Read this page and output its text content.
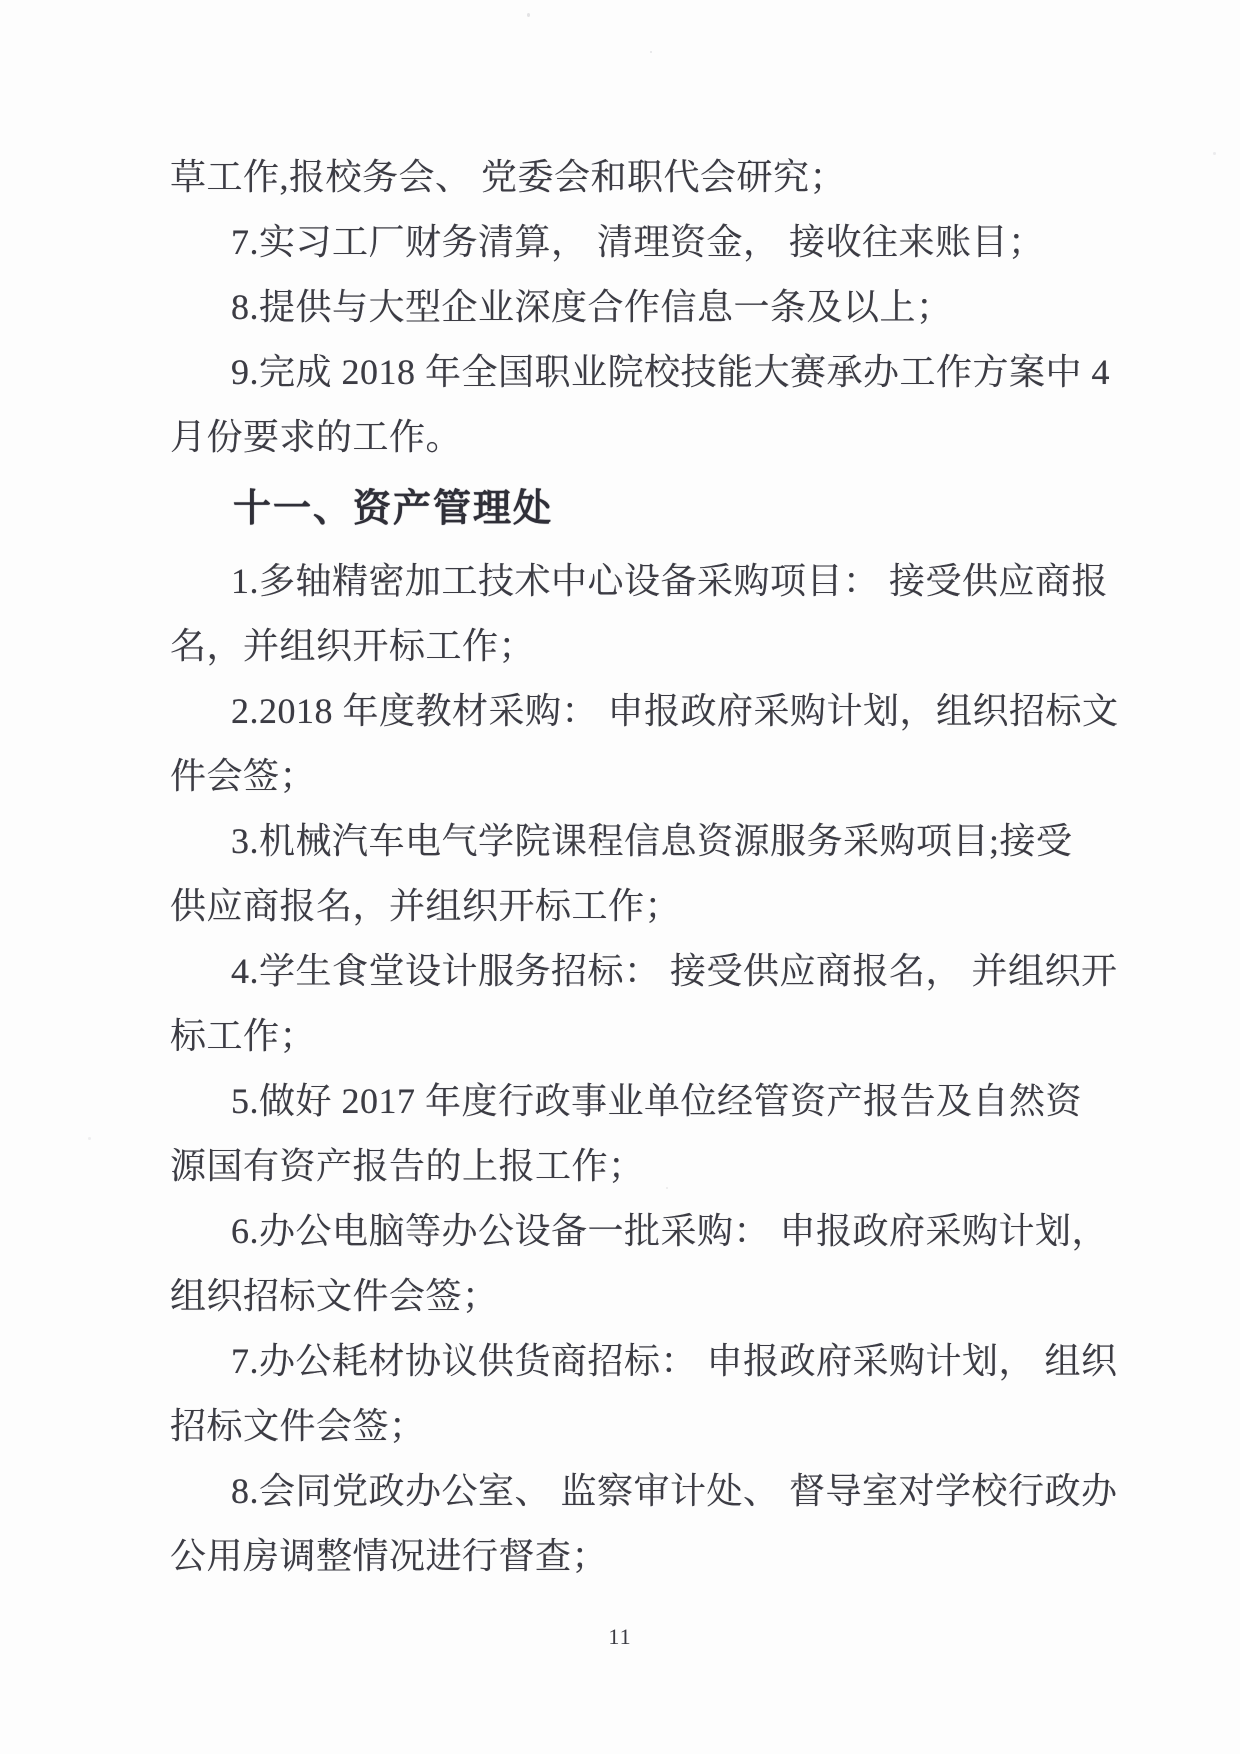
草工作,报校务会、 党委会和职代会研究；
7.实习工厂财务清算， 清理资金， 接收往来账目；
8.提供与大型企业深度合作信息一条及以上；
9.完成 2018 年全国职业院校技能大赛承办工作方案中 4
月份要求的工作。
十一、资产管理处
1.多轴精密加工技术中心设备采购项目： 接受供应商报
名，并组织开标工作；
2.2018 年度教材采购： 申报政府采购计划，组织招标文
件会签；
3.机械汽车电气学院课程信息资源服务采购项目;接受
供应商报名，并组织开标工作；
4.学生食堂设计服务招标： 接受供应商报名， 并组织开
标工作；
5.做好 2017 年度行政事业单位经管资产报告及自然资
源国有资产报告的上报工作；
6.办公电脑等办公设备一批采购： 申报政府采购计划，
组织招标文件会签；
7.办公耗材协议供货商招标： 申报政府采购计划， 组织
招标文件会签；
8.会同党政办公室、 监察审计处、 督导室对学校行政办
公用房调整情况进行督查；
11
